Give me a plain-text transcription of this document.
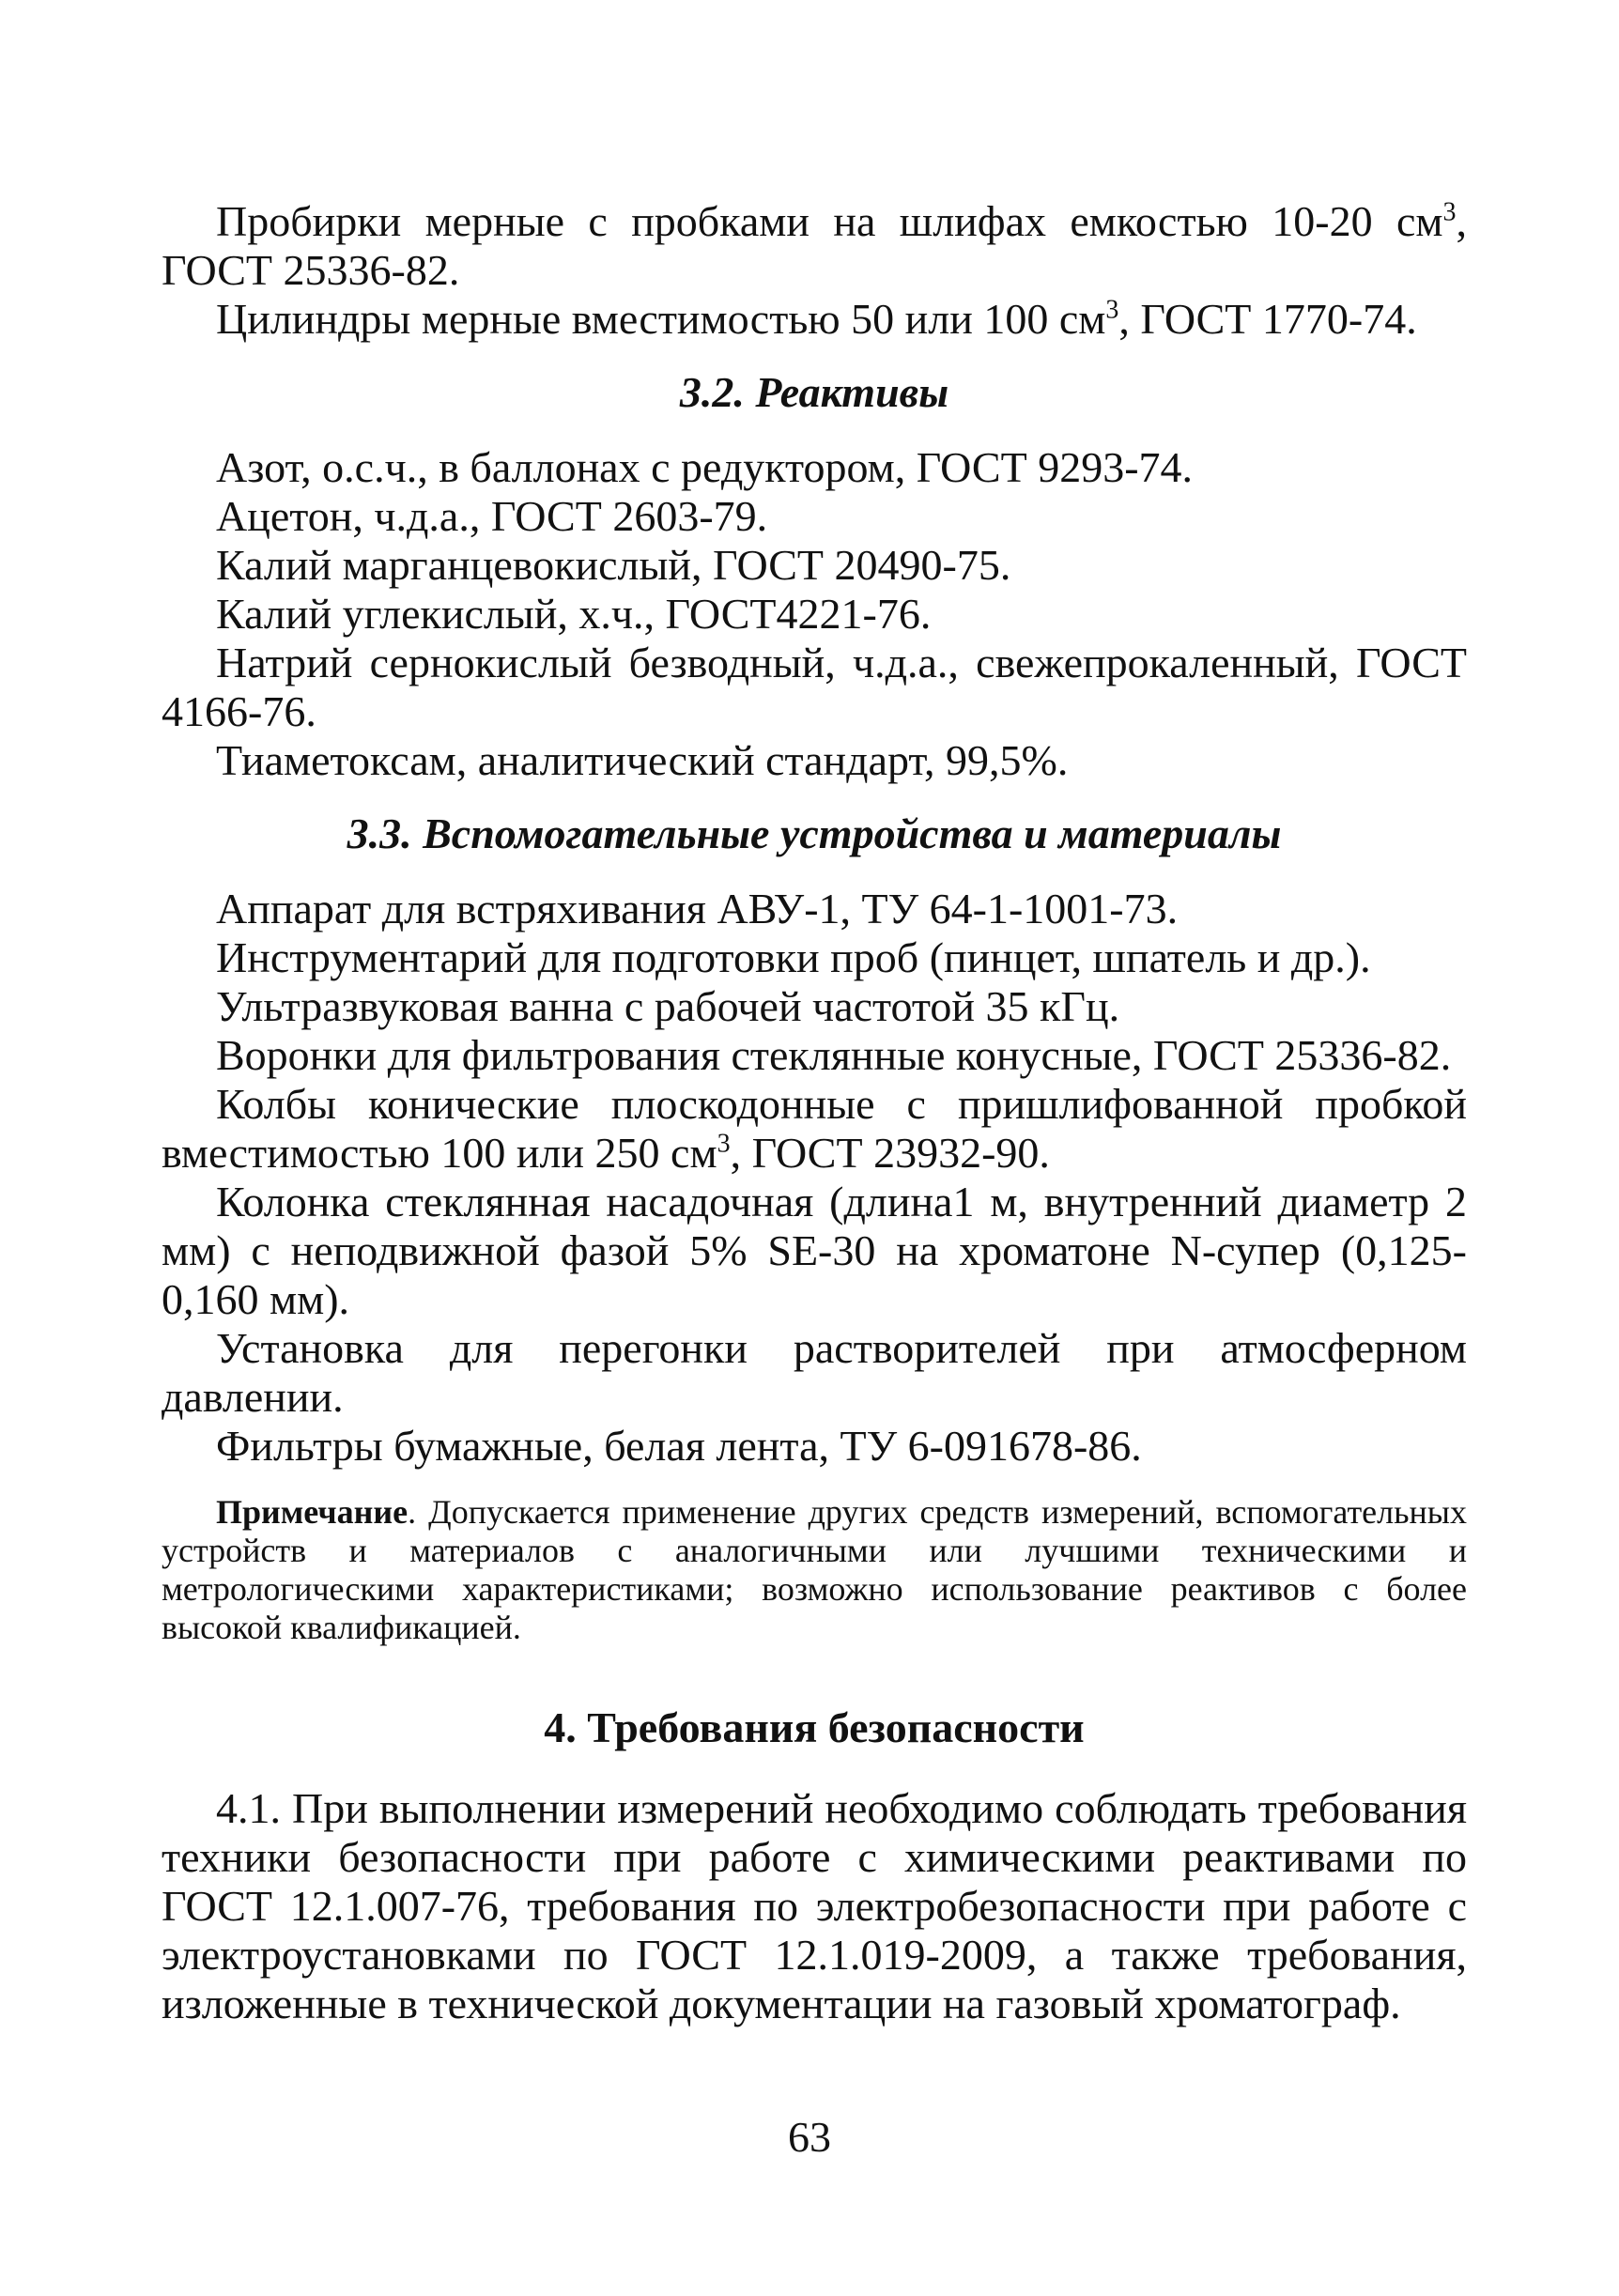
Пробирки мерные с пробками на шлифах емкостью 10-20 $см^3$, ГОСТ 25336-82.

Цилиндры мерные вместимостью 50 или 100 $см^3$, ГОСТ 1770-74.

3.2. Реактивы

Азот, о.с.ч., в баллонах с редуктором, ГОСТ 9293-74.

Ацетон, ч.д.а., ГОСТ 2603-79.

Калий марганцевокислый, ГОСТ 20490-75.

Калий углекислый, х.ч., ГОСТ4221-76.

Натрий сернокислый безводный, ч.д.а., свежепрокаленный, ГОСТ 4166-76.

Тиаметоксам, аналитический стандарт, 99,5%.

3.3. Вспомогательные устройства и материалы

Аппарат для встряхивания АВУ-1, ТУ 64-1-1001-73.

Инструментарий для подготовки проб (пинцет, шпатель и др.).

Ультразвуковая ванна с рабочей частотой 35 кГц.

Воронки для фильтрования стеклянные конусные, ГОСТ 25336-82.

Колбы конические плоскодонные с пришлифованной пробкой вместимостью 100 или 250 $см^3$, ГОСТ 23932-90.

Колонка стеклянная насадочная (длина1 м, внутренний диаметр 2 мм) с неподвижной фазой 5% SE-30 на хроматоне N-супер (0,125-0,160 мм).

Установка для перегонки растворителей при атмосферном давлении.

Фильтры бумажные, белая лента, ТУ 6-091678-86.

Примечание. Допускается применение других средств измерений, вспомогательных устройств и материалов с аналогичными или лучшими техническими и метрологическими характеристиками; возможно использование реактивов с более высокой квалификацией.

4. Требования безопасности

4.1. При выполнении измерений необходимо соблюдать требования техники безопасности при работе с химическими реактивами по ГОСТ 12.1.007-76, требования по электробезопасности при работе с электроустановками по ГОСТ 12.1.019-2009, а также требования, изложенные в технической документации на газовый хроматограф.

63
